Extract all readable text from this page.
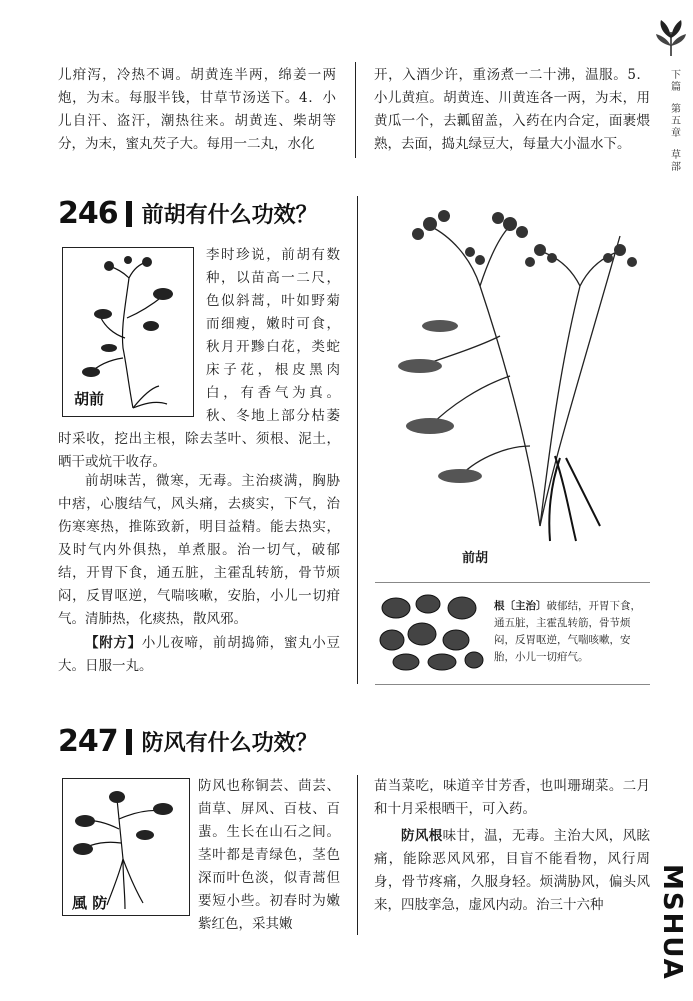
下篇
第五章
草部

儿疳泻，冷热不调。胡黄连半两，绵姜一两炮，为末。每服半钱，甘草节汤送下。4．小儿自汗、盗汗，潮热往来。胡黄连、柴胡等分，为末，蜜丸芡子大。每用一二丸，水化

开，入酒少许，重汤煮一二十沸，温服。5．小儿黄疸。胡黄连、川黄连各一两，为末，用黄瓜一个，去瓤留盖，入药在内合定，面裹煨熟，去面，捣丸绿豆大，每量大小温水下。

246 前胡有什么功效？
胡前

李时珍说，前胡有数种，以苗高一二尺，色似斜蒿，叶如野菊而细瘦，嫩时可食，秋月开黪白花，类蛇床子花，根皮黑肉白，有香气为真。秋、冬地上部分枯萎时采收，挖出主根，除去茎叶、须根、泥土，晒干或炕干收存。

前胡味苦，微寒，无毒。主治痰满，胸胁中痞，心腹结气，风头痛，去痰实，下气，治伤寒寒热，推陈致新，明目益精。能去热实，及时气内外俱热，单煮服。治一切气，破郁结，开胃下食，通五脏，主霍乱转筋，骨节烦闷，反胃呕逆，气喘咳嗽，安胎，小儿一切疳气。清肺热，化痰热，散风邪。

【附方】小儿夜啼，前胡捣筛，蜜丸小豆大。日服一丸。

前胡

根〔主治〕破郁结，开胃下食，通五脏，主霍乱转筋，骨节烦闷，反胃呕逆，气喘咳嗽，安胎，小儿一切疳气。

247 防风有什么功效？
風 防

防风也称铜芸、茴芸、茴草、屏风、百枝、百蜚。生长在山石之间。茎叶都是青绿色，茎色深而叶色淡，似青蒿但要短小些。初春时为嫩紫红色，采其嫩

苗当菜吃，味道辛甘芳香，也叫珊瑚菜。二月和十月采根晒干，可入药。

防风根味甘，温，无毒。主治大风，风眩痛，能除恶风风邪，目盲不能看物，风行周身，骨节疼痛，久服身轻。烦满胁风，偏头风来，四肢挛急，虚风内动。治三十六种	MSHUA
